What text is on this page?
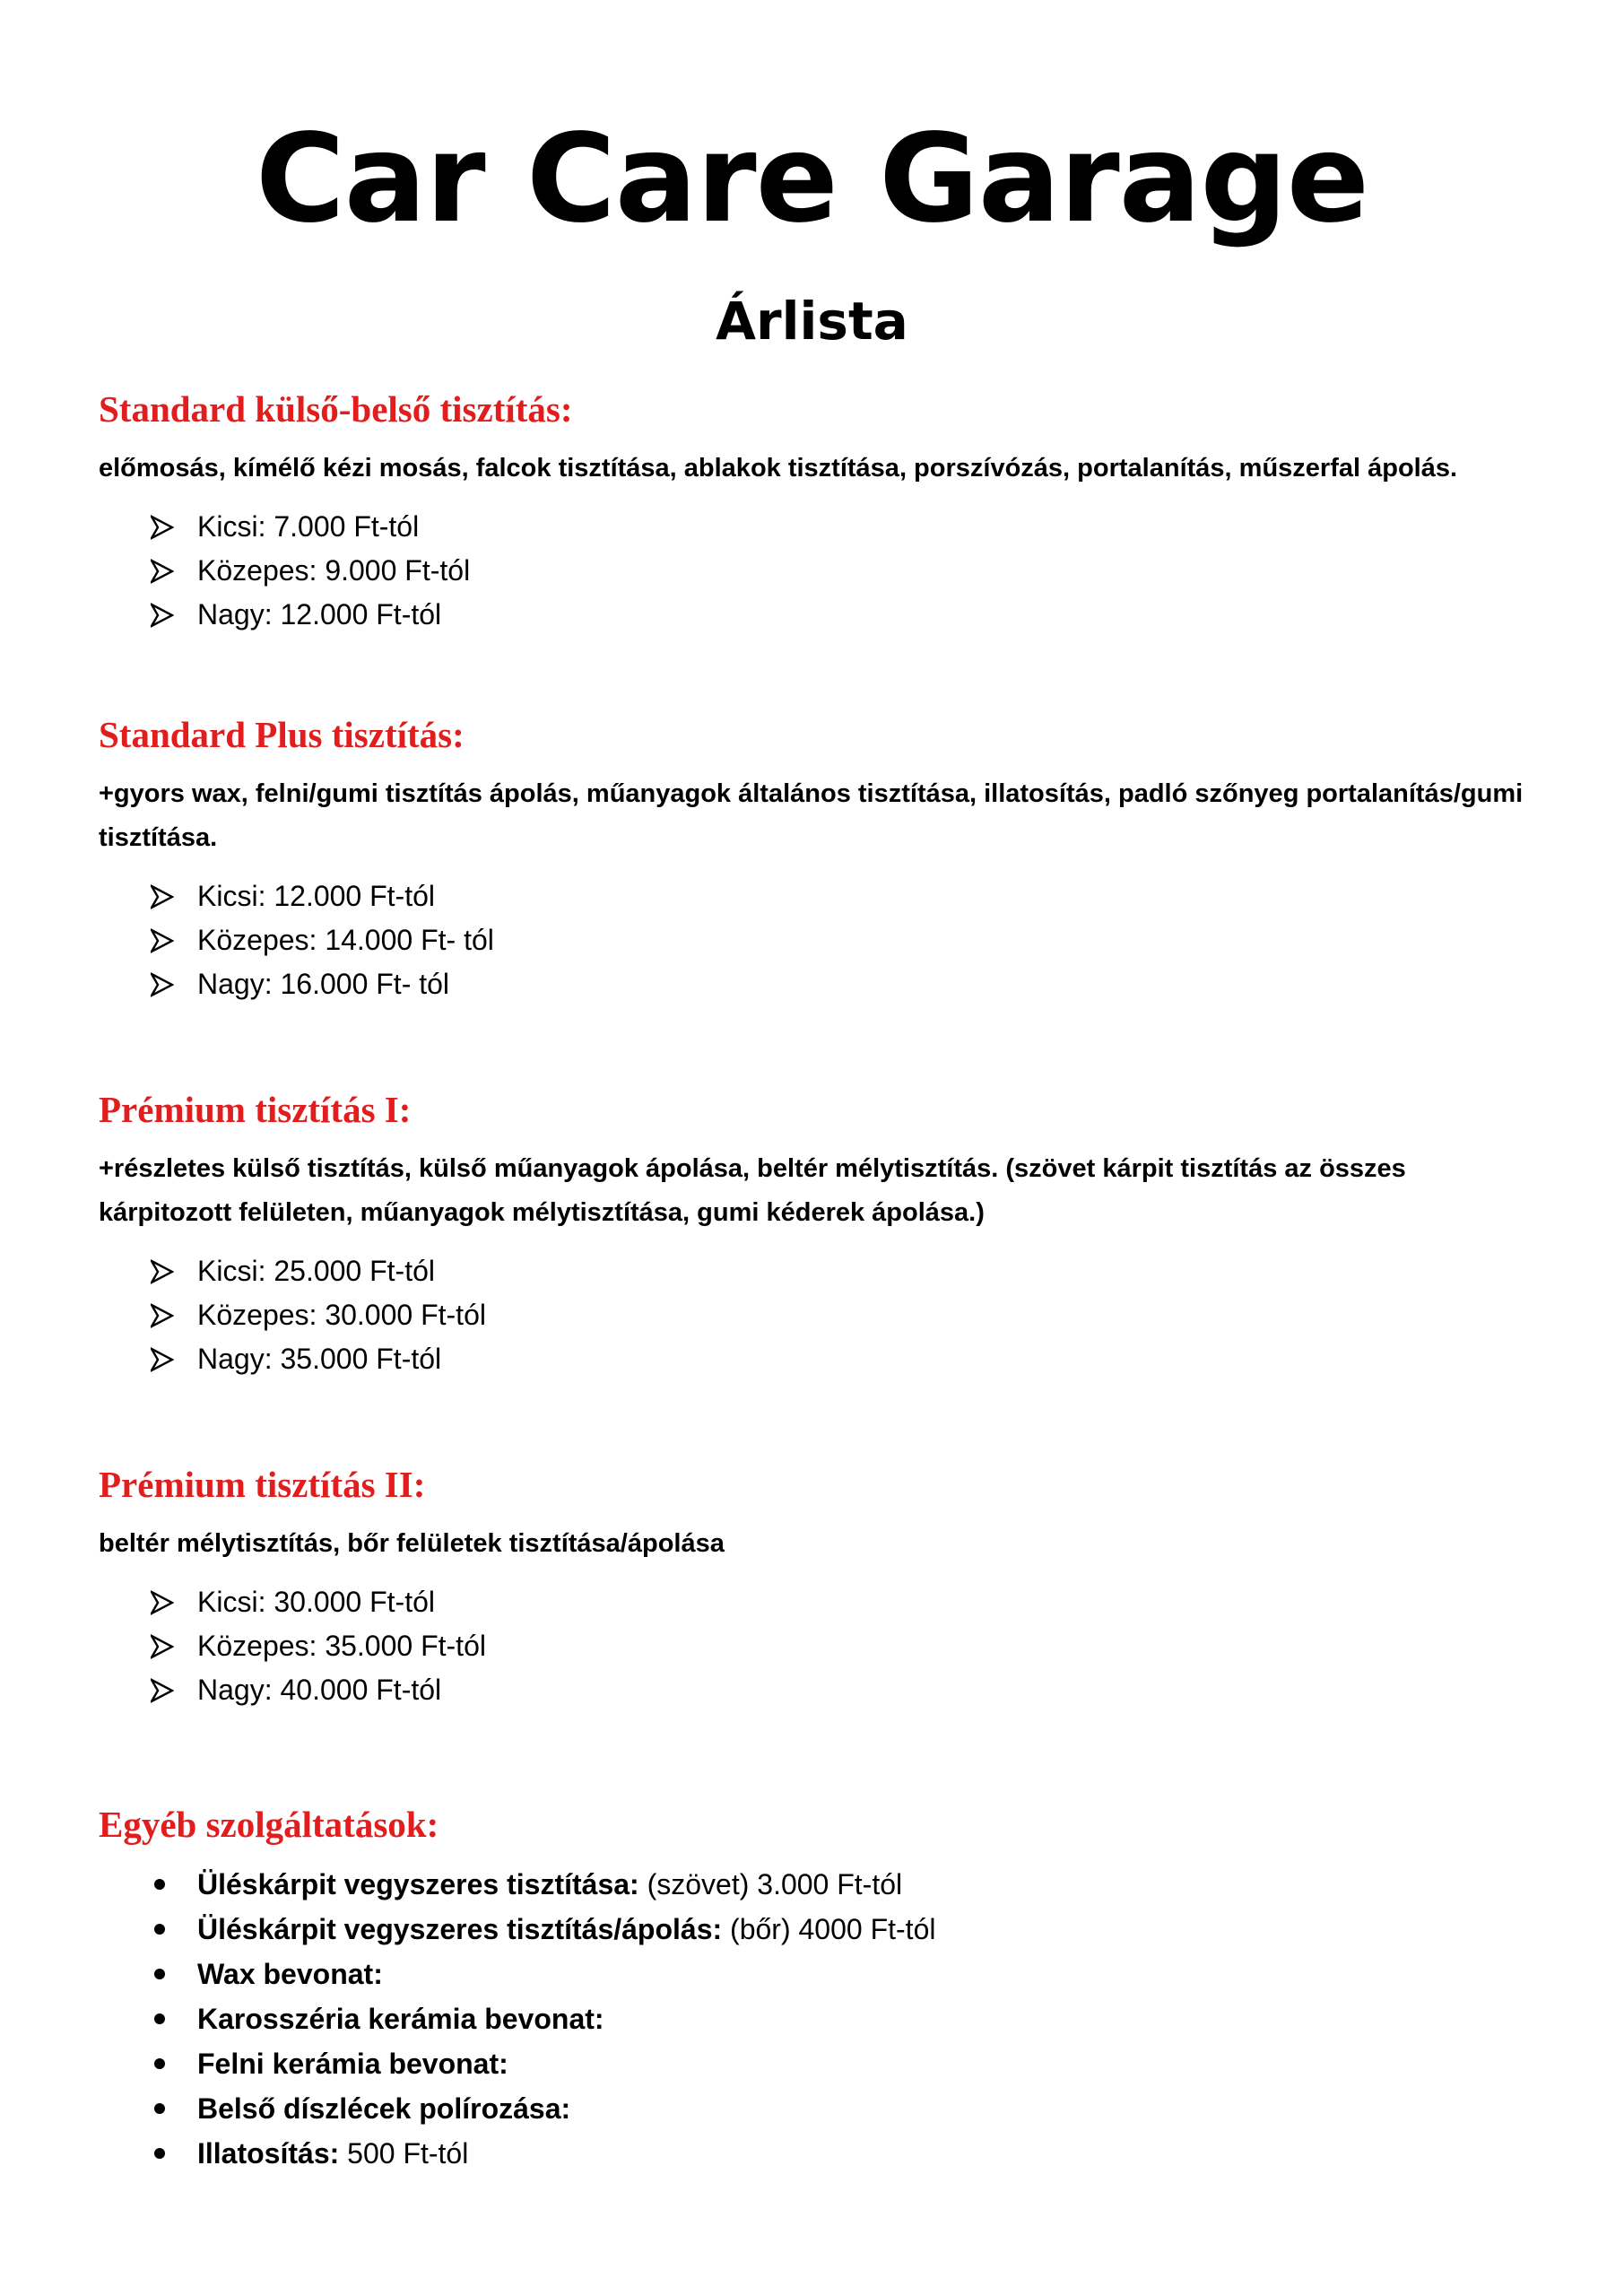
Car Care Garage
Árlista
Standard külső-belső tisztítás:

előmosás, kímélő kézi mosás, falcok tisztítása, ablakok tisztítása, porszívózás, portalanítás, műszerfal ápolás.

Kicsi: 7.000 Ft-tól
Közepes: 9.000 Ft-tól
Nagy: 12.000 Ft-tól
Standard Plus tisztítás:

+gyors wax, felni/gumi tisztítás ápolás, műanyagok általános tisztítása, illatosítás, padló szőnyeg portalanítás/gumi tisztítása.

Kicsi: 12.000 Ft-tól
Közepes: 14.000 Ft- tól
Nagy: 16.000 Ft- tól
Prémium tisztítás I:

+részletes külső tisztítás, külső műanyagok ápolása, beltér mélytisztítás. (szövet kárpit tisztítás az összes kárpitozott felületen, műanyagok mélytisztítása, gumi kéderek ápolása.)

Kicsi: 25.000 Ft-tól
Közepes: 30.000 Ft-tól
Nagy: 35.000 Ft-tól
Prémium tisztítás II:

beltér mélytisztítás, bőr felületek tisztítása/ápolása

Kicsi: 30.000 Ft-tól
Közepes: 35.000 Ft-tól
Nagy: 40.000 Ft-tól
Egyéb szolgáltatások:
Üléskárpit vegyszeres tisztítása: (szövet) 3.000 Ft-tól
Üléskárpit vegyszeres tisztítás/ápolás: (bőr) 4000 Ft-tól
Wax bevonat:
Karosszéria kerámia bevonat:
Felni kerámia bevonat:
Belső díszlécek polírozása:
Illatosítás: 500 Ft-tól
